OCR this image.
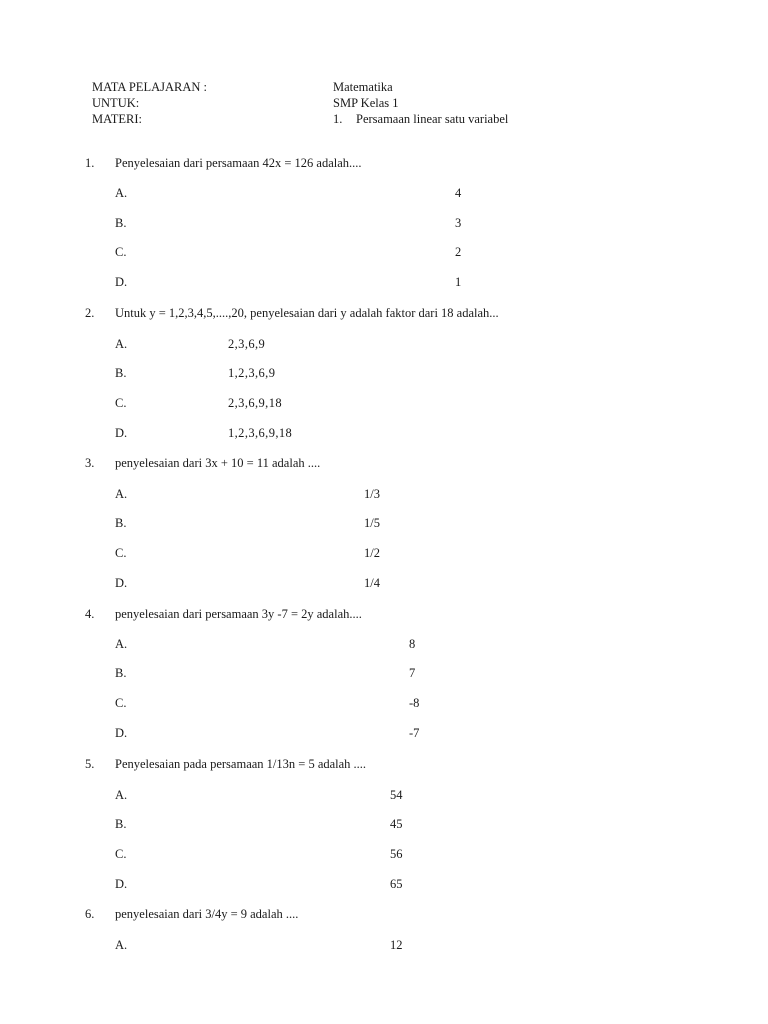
MATA PELAJARAN :	Matematika
UNTUK:	SMP Kelas 1
MATERI:	1. Persamaan linear satu variabel
1. Penyelesaian dari persamaan 42x = 126 adalah....
A.	4
B.	3
C.	2
D.	1
2. Untuk y = 1,2,3,4,5,....,20, penyelesaian dari y adalah faktor dari 18 adalah...
A.	2,3,6,9
B.	1,2,3,6,9
C.	2,3,6,9,18
D.	1,2,3,6,9,18
3. penyelesaian dari 3x + 10 = 11 adalah ....
A.	1/3
B.	1/5
C.	1/2
D.	1/4
4. penyelesaian dari persamaan 3y -7 = 2y adalah....
A.	8
B.	7
C.	-8
D.	-7
5. Penyelesaian pada persamaan 1/13n = 5 adalah ....
A.	54
B.	45
C.	56
D.	65
6. penyelesaian dari 3/4y = 9 adalah ....
A.	12
